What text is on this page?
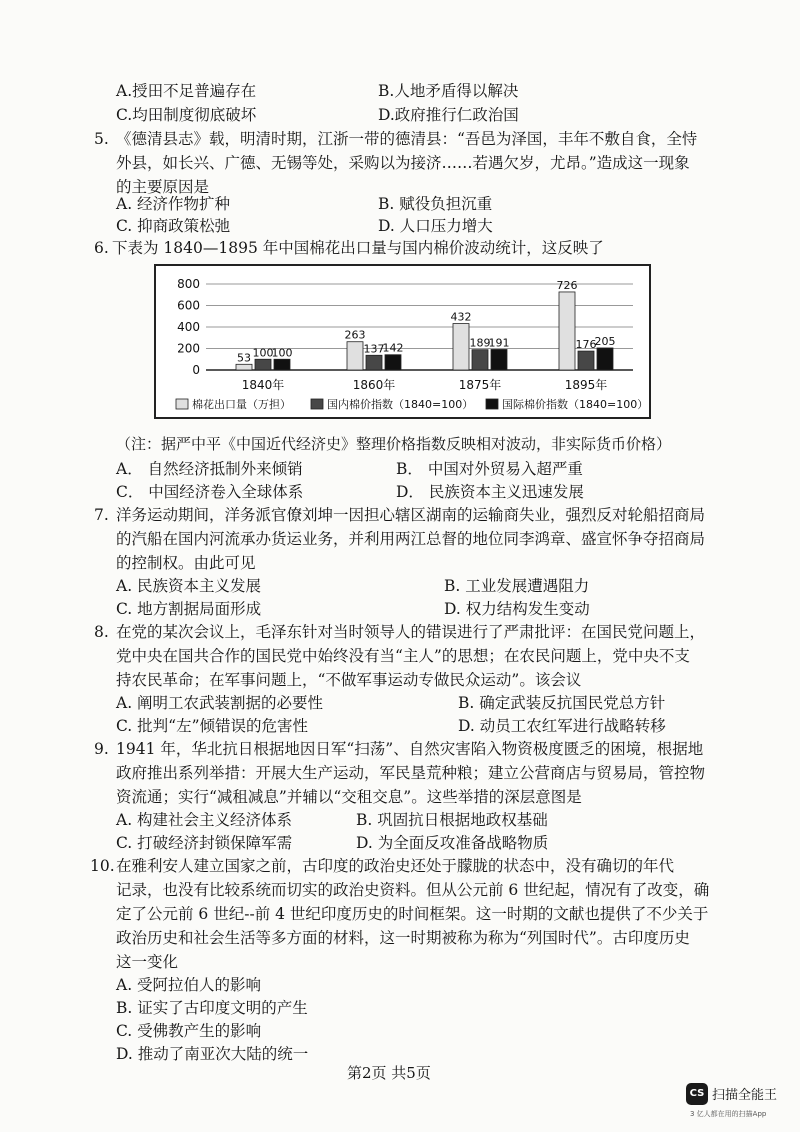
A.授田不足普遍存在	B.人地矛盾得以解决
C.均田制度彻底破坏	D.政府推行仁政治国
5. 《德清县志》载，明清时期，江浙一带的德清县：“吾邑为泽国，丰年不敷自食，全恃
外县，如长兴、广德、无锡等处，采购以为接济……若遇欠岁，尤昂。”造成这一现象
的主要原因是
A. 经济作物扩种	B. 赋役负担沉重
C. 抑商政策松弛	D. 人口压力增大
6. 下表为 1840—1895 年中国棉花出口量与国内棉价波动统计，这反映了
0
200
400
600
800
53 100
100
1840年
263
137
142
1860年
432
189
191
1875年
726
176
205
1895年
棉花出口量（万担）	国内棉价指数（1840=100）	国际棉价指数（1840=100）
（注：据严中平《中国近代经济史》整理价格指数反映相对波动，非实际货币价格）
A． 自然经济抵制外来倾销	B． 中国对外贸易入超严重
C． 中国经济卷入全球体系	D． 民族资本主义迅速发展
7. 洋务运动期间，洋务派官僚刘坤一因担心辖区湖南的运输商失业，强烈反对轮船招商局
的汽船在国内河流承办货运业务，并利用两江总督的地位同李鸿章、盛宣怀争夺招商局
的控制权。由此可见
A. 民族资本主义发展	B. 工业发展遭遇阻力
C. 地方割据局面形成	D. 权力结构发生变动
8. 在党的某次会议上，毛泽东针对当时领导人的错误进行了严肃批评：在国民党问题上，
党中央在国共合作的国民党中始终没有当“主人”的思想；在农民问题上，党中央不支
持农民革命；在军事问题上，“不做军事运动专做民众运动”。该会议
A. 阐明工农武装割据的必要性	B. 确定武装反抗国民党总方针
C. 批判“左”倾错误的危害性	D. 动员工农红军进行战略转移
9. 1941 年，华北抗日根据地因日军“扫荡”、自然灾害陷入物资极度匮乏的困境，根据地
政府推出系列举措：开展大生产运动，军民垦荒种粮；建立公营商店与贸易局，管控物
资流通；实行“减租减息”并辅以“交租交息”。这些举措的深层意图是
A. 构建社会主义经济体系	B. 巩固抗日根据地政权基础
C. 打破经济封锁保障军需	D. 为全面反攻准备战略物质
10. 在雅利安人建立国家之前，古印度的政治史还处于朦胧的状态中，没有确切的年代
记录，也没有比较系统而切实的政治史资料。但从公元前 6 世纪起，情况有了改变，确
定了公元前 6 世纪--前 4 世纪印度历史的时间框架。这一时期的文献也提供了不少关于
政治历史和社会生活等多方面的材料，这一时期被称为称为“列国时代”。古印度历史
这一变化
A. 受阿拉伯人的影响
B. 证实了古印度文明的产生
C. 受佛教产生的影响
D. 推动了南亚次大陆的统一
第2页 共5页
CS 扫描全能王
3 亿人都在用的扫描App
